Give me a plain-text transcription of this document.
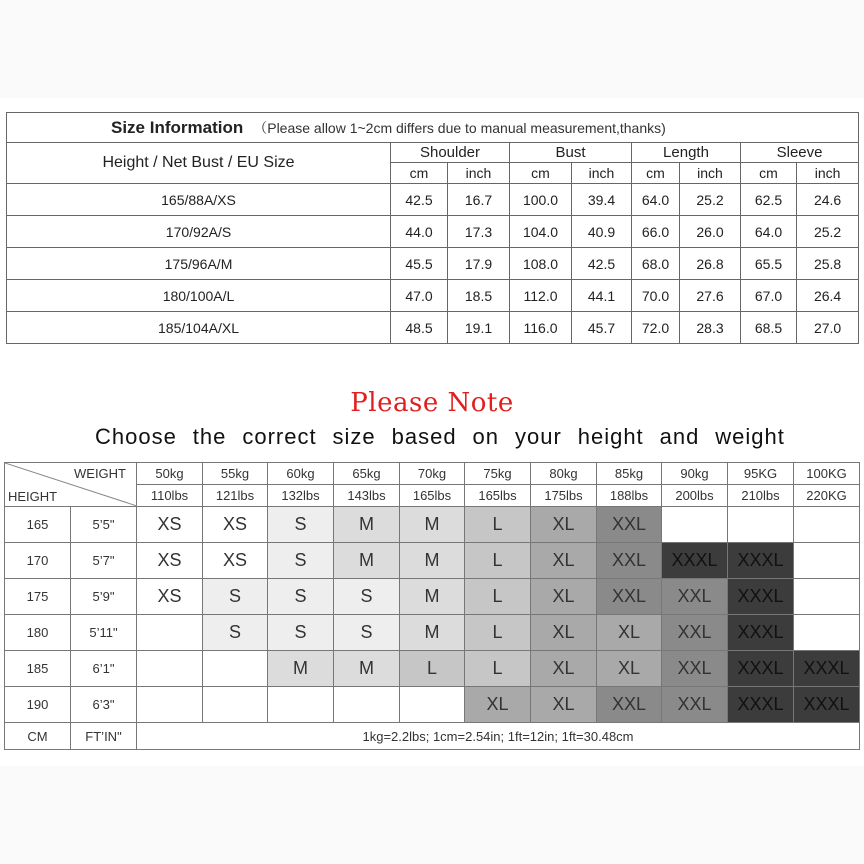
Size Information （Please allow 1~2cm differs due to manual measurement,thanks)								
Height / Net Bust / EU Size	Shoulder		Bust		Length		Sleeve	
	cm	inch	cm	inch	cm	inch	cm	inch
165/88A/XS	42.5	16.7	100.0	39.4	64.0	25.2	62.5	24.6
170/92A/S	44.0	17.3	104.0	40.9	66.0	26.0	64.0	25.2
175/96A/M	45.5	17.9	108.0	42.5	68.0	26.8	65.5	25.8
180/100A/L	47.0	18.5	112.0	44.1	70.0	27.6	67.0	26.4
185/104A/XL	48.5	19.1	116.0	45.7	72.0	28.3	68.5	27.0
Please Note
Choose the correct size based on your height and weight
WEIGHT
HEIGHT		50kg	55kg	60kg	65kg	70kg	75kg	80kg	85kg	90kg	95KG	100KG
		110lbs	121lbs	132lbs	143lbs	165lbs	165lbs	175lbs	188lbs	200lbs	210lbs	220KG
165	5’5"	XS	XS	S	M	M	L	XL	XXL			
170	5’7"	XS	XS	S	M	M	L	XL	XXL	XXXL	XXXL	
175	5’9"	XS	S	S	S	M	L	XL	XXL	XXL	XXXL	
180	5’11"		S	S	S	M	L	XL	XL	XXL	XXXL	
185	6’1"			M	M	L	L	XL	XL	XXL	XXXL	XXXL
190	6’3"						XL	XL	XXL	XXL	XXXL	XXXL
CM	FT’IN"	1kg=2.2lbs; 1cm=2.54in; 1ft=12in; 1ft=30.48cm										
